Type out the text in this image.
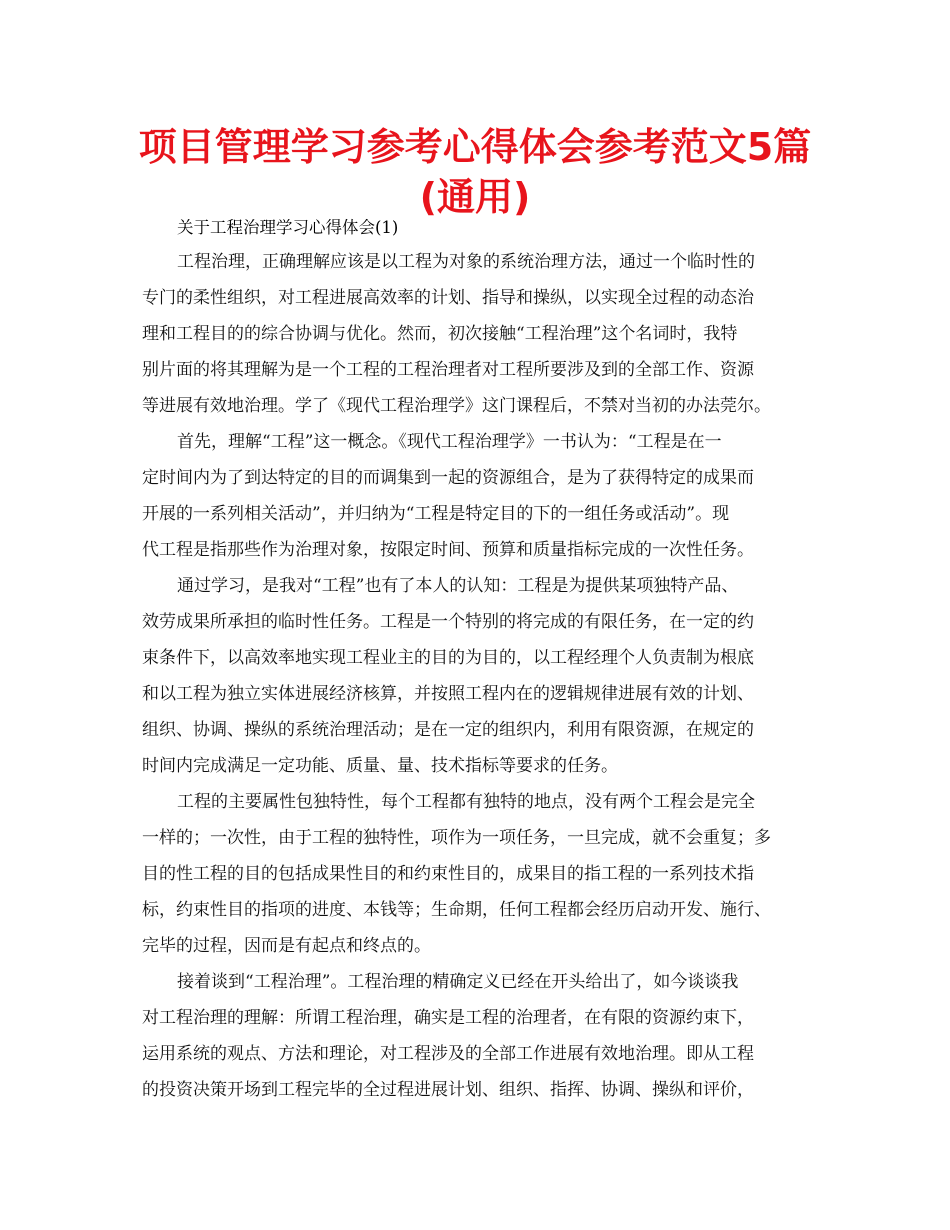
项目管理学习参考心得体会参考范文5篇
(通用)
关于工程治理学习心得体会(1)
工程治理，正确理解应该是以工程为对象的系统治理方法，通过一个临时性的
专门的柔性组织，对工程进展高效率的计划、指导和操纵，以实现全过程的动态治
理和工程目的的综合协调与优化。然而，初次接触“工程治理”这个名词时，我特
别片面的将其理解为是一个工程的工程治理者对工程所要涉及到的全部工作、资源
等进展有效地治理。学了《现代工程治理学》这门课程后，不禁对当初的办法莞尔。
首先，理解“工程”这一概念。《现代工程治理学》一书认为：“工程是在一
定时间内为了到达特定的目的而调集到一起的资源组合，是为了获得特定的成果而
开展的一系列相关活动”，并归纳为“工程是特定目的下的一组任务或活动”。现
代工程是指那些作为治理对象，按限定时间、预算和质量指标完成的一次性任务。
通过学习，是我对“工程”也有了本人的认知：工程是为提供某项独特产品、
效劳成果所承担的临时性任务。工程是一个特别的将完成的有限任务，在一定的约
束条件下，以高效率地实现工程业主的目的为目的，以工程经理个人负责制为根底
和以工程为独立实体进展经济核算，并按照工程内在的逻辑规律进展有效的计划、
组织、协调、操纵的系统治理活动；是在一定的组织内，利用有限资源，在规定的
时间内完成满足一定功能、质量、量、技术指标等要求的任务。
工程的主要属性包独特性，每个工程都有独特的地点，没有两个工程会是完全
一样的；一次性，由于工程的独特性，项作为一项任务，一旦完成，就不会重复；多
目的性工程的目的包括成果性目的和约束性目的，成果目的指工程的一系列技术指
标，约束性目的指项的进度、本钱等；生命期，任何工程都会经历启动开发、施行、
完毕的过程，因而是有起点和终点的。
接着谈到“工程治理”。工程治理的精确定义已经在开头给出了，如今谈谈我
对工程治理的理解：所谓工程治理，确实是工程的治理者，在有限的资源约束下，
运用系统的观点、方法和理论，对工程涉及的全部工作进展有效地治理。即从工程
的投资决策开场到工程完毕的全过程进展计划、组织、指挥、协调、操纵和评价，
